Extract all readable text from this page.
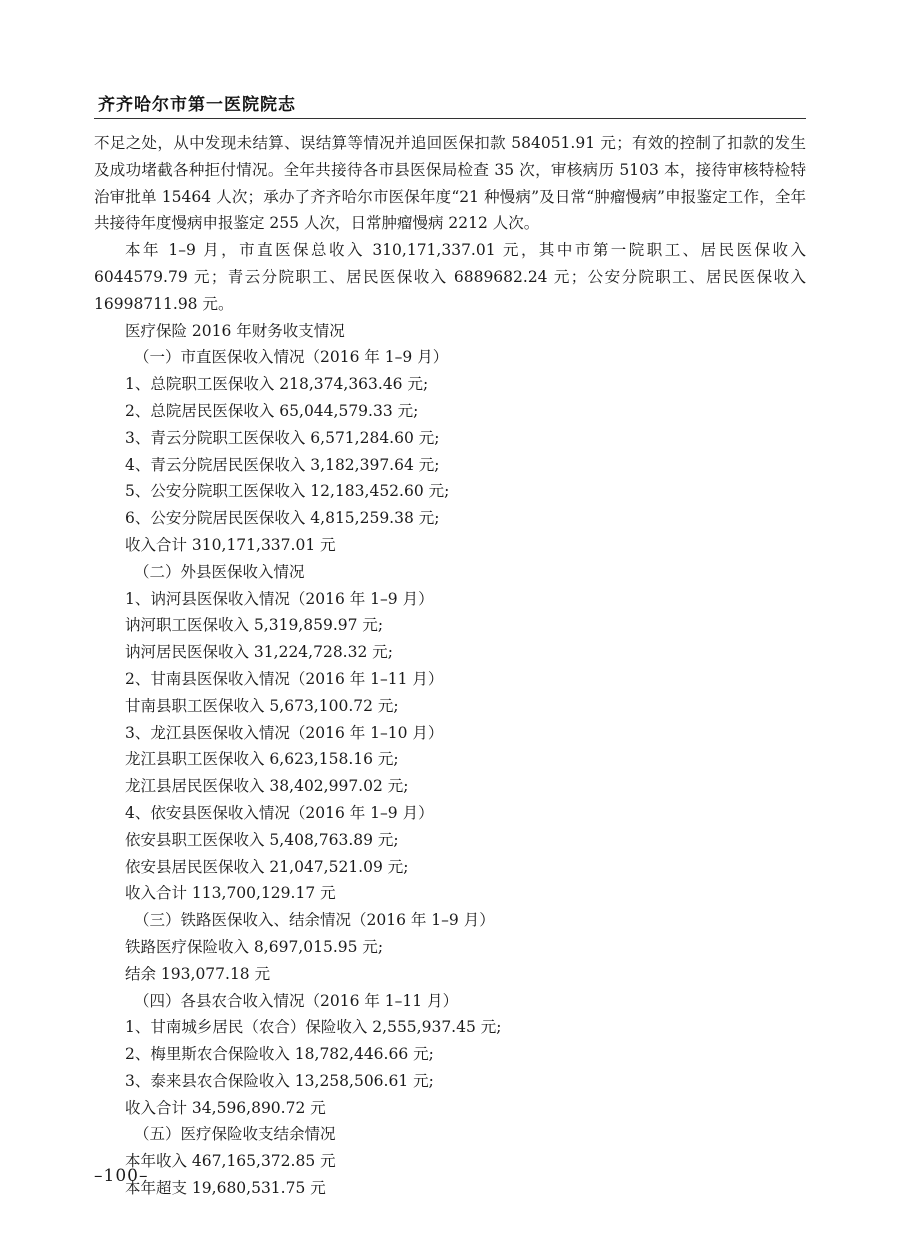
齐齐哈尔市第一医院院志

不足之处，从中发现未结算、误结算等情况并追回医保扣款 584051.91 元；有效的控制了扣款的发生及成功堵截各种拒付情况。全年共接待各市县医保局检查 35 次，审核病历 5103 本，接待审核特检特治审批单 15464 人次；承办了齐齐哈尔市医保年度“21 种慢病”及日常“肿瘤慢病”申报鉴定工作，全年共接待年度慢病申报鉴定 255 人次，日常肿瘤慢病 2212 人次。

本年 1–9 月，市直医保总收入 310,171,337.01 元，其中市第一院职工、居民医保收入 6044579.79 元；青云分院职工、居民医保收入 6889682.24 元；公安分院职工、居民医保收入 16998711.98 元。

医疗保险 2016 年财务收支情况

（一）市直医保收入情况（2016 年 1–9 月）

1、总院职工医保收入 218,374,363.46 元;

2、总院居民医保收入 65,044,579.33 元;

3、青云分院职工医保收入 6,571,284.60 元;

4、青云分院居民医保收入 3,182,397.64 元;

5、公安分院职工医保收入 12,183,452.60 元;

6、公安分院居民医保收入 4,815,259.38 元;

收入合计 310,171,337.01 元

（二）外县医保收入情况

1、讷河县医保收入情况（2016 年 1–9 月）

讷河职工医保收入 5,319,859.97 元;

讷河居民医保收入 31,224,728.32 元;

2、甘南县医保收入情况（2016 年 1–11 月）

甘南县职工医保收入 5,673,100.72 元;

3、龙江县医保收入情况（2016 年 1–10 月）

龙江县职工医保收入 6,623,158.16 元;

龙江县居民医保收入 38,402,997.02 元;

4、依安县医保收入情况（2016 年 1–9 月）

依安县职工医保收入 5,408,763.89 元;

依安县居民医保收入 21,047,521.09 元;

收入合计 113,700,129.17 元

（三）铁路医保收入、结余情况（2016 年 1–9 月）

铁路医疗保险收入 8,697,015.95 元;

结余 193,077.18 元

（四）各县农合收入情况（2016 年 1–11 月）

1、甘南城乡居民（农合）保险收入 2,555,937.45 元;

2、梅里斯农合保险收入 18,782,446.66 元;

3、泰来县农合保险收入 13,258,506.61 元;

收入合计 34,596,890.72 元

（五）医疗保险收支结余情况

本年收入 467,165,372.85 元

本年超支 19,680,531.75 元

–100–
